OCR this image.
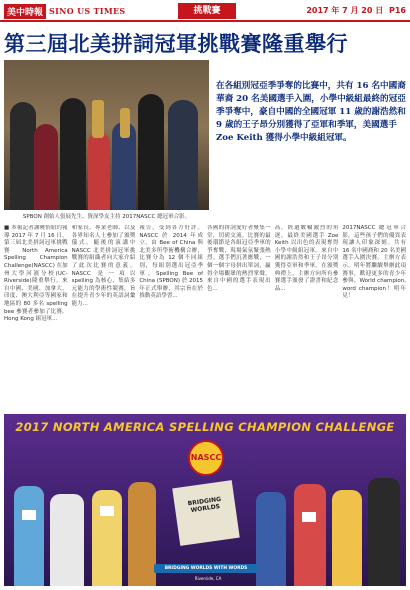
美中時報 SINO US TIMES	挑戰賽	2017 年 7 月 20 日 P16
第三屆北美拼詞冠軍挑戰賽隆重舉行
SPBON 創始人張展先生、資深學友主持 2017NASCC 總冠軍合影。
在各組別冠亞季爭奪的比賽中，共有 16 名中國裔華裔 20 名美國選手入圍，小學中級組最終的冠亞季爭奪中，豪自中國的全國冠軍 11 歲的謝浩然和 9 歲的王子昂分別獲得了亞軍和季軍，美國選手 Zoe Keith 獲得小學中級組冠軍。
■ 本報記者謝曉怡紐約報導 2017 年 7 月 16 日，第三屆北美拼詞冠軍挑戰賽 North America Spelling Champion Challenge(NASCC) 在加州大學河濱分校(UC-Riverside)隆重舉行。來自中國、美國、加拿大、印度、澳大利亞等國家和地區的 80 多名 spelling bee 參賽者參加了比賽。Hong Kong 組冠軍...
和家長、專業老師、以及各界知名人士參加了頒獎儀式。隨後的演講中 NASCC 北美拼詞冠軍挑戰賽的組織者向大家介紹了此次比賽的意義。NASCC 是一項以 spelling 為核心、集結多元能力的學術性競賽，旨在提升青少年的英語詞彙能力...
報告，受到各方好評。NASCC 於 2014 年成立，由 Bee of China 與北美多所學術機構合辦，比賽分為 12 個不同組別，每組別選出冠亞季軍。Spelling Bee of China (SPBON) 於 2015 年正式舉辦，其宗旨在於推動英語學習...
各國的拼詞愛好者聚集一堂，切磋交流。比賽的最後環節是各組冠亞季軍的爭奪戰，現場氣氛緊張熱烈。選手們沉著應戰，一個一個字母拼出單詞，贏得全場觀眾的熱烈掌聲。來自中國的選手表現出色...
高。經過數輪激烈的角逐，最終美國選手 Zoe Keith 以出色的表現奪得小學中級組冠軍。來自中國的謝浩然和王子昂分別獲得亞軍和季軍。在頒獎典禮上，主辦方向所有參賽選手頒發了證書和紀念品...
2017NASCC 總冠軍合影，這些孩子們的優異表現讓人印象深刻。共有 16 名中國裔和 20 名美國選手入圍決賽。主辦方表示，明年將繼續舉辦此項賽事，歡迎更多的青少年參與。World champion, word champion！明年見！
2017 NORTH AMERICA SPELLING CHAMPION CHALLENGE
NASCC
BRIDGING WORLDS
BRIDGING WORLDS WITH WORDS
Riverside, CA
